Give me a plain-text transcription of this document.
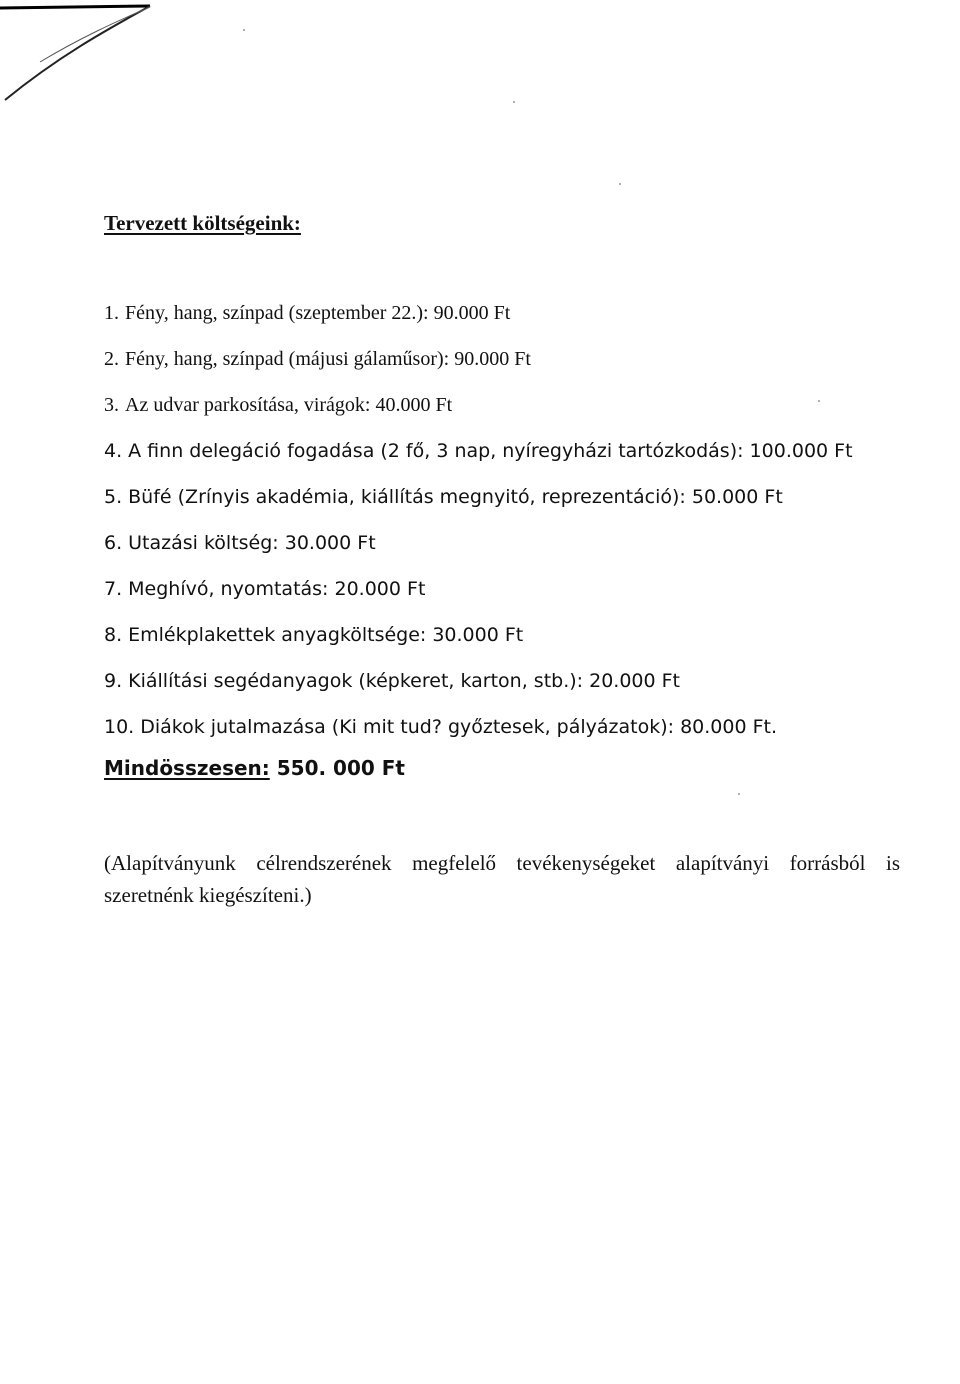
Tervezett költségeink:
1. Fény, hang, színpad (szeptember 22.): 90.000 Ft
2. Fény, hang, színpad (májusi gálaműsor): 90.000 Ft
3. Az udvar parkosítása, virágok: 40.000 Ft
4. A finn delegáció fogadása (2 fő, 3 nap, nyíregyházi tartózkodás): 100.000 Ft
5. Büfé (Zrínyis akadémia, kiállítás megnyitó, reprezentáció): 50.000 Ft
6. Utazási költség: 30.000 Ft
7. Meghívó, nyomtatás: 20.000 Ft
8. Emlékplakettek anyagköltsége: 30.000 Ft
9. Kiállítási segédanyagok (képkeret, karton, stb.): 20.000 Ft
10. Diákok jutalmazása (Ki mit tud? győztesek, pályázatok): 80.000 Ft.
Mindösszesen: 550. 000 Ft
(Alapítványunk célrendszerének megfelelő tevékenységeket alapítványi forrásból is szeretnénk kiegészíteni.)
